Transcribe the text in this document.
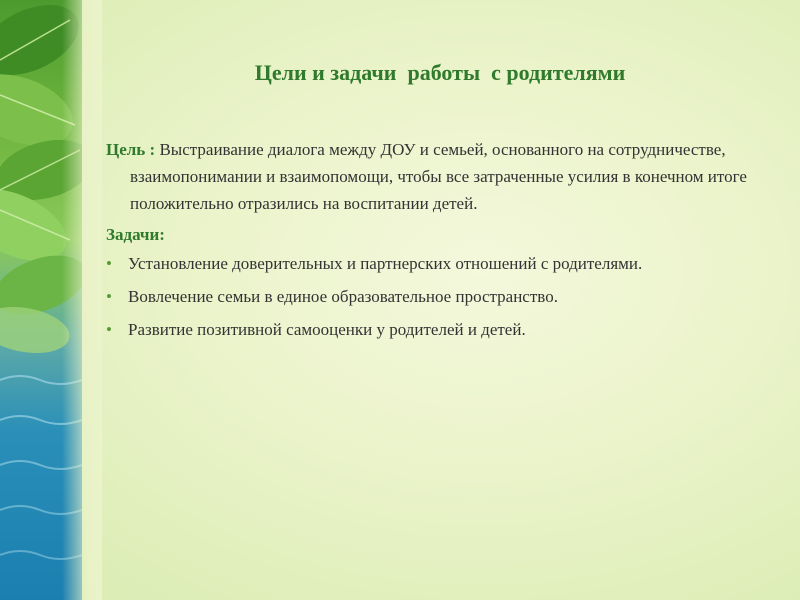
Цели и задачи  работы  с родителями

Цель : Выстраивание диалога между ДОУ и семьей, основанного на сотрудничестве, взаимопонимании и взаимопомощи, чтобы все затраченные усилия в конечном итоге положительно отразились на воспитании детей.

Задачи:

• Установление доверительных и партнерских отношений с родителями.
• Вовлечение семьи в единое образовательное пространство.
• Развитие позитивной самооценки у родителей и детей.
